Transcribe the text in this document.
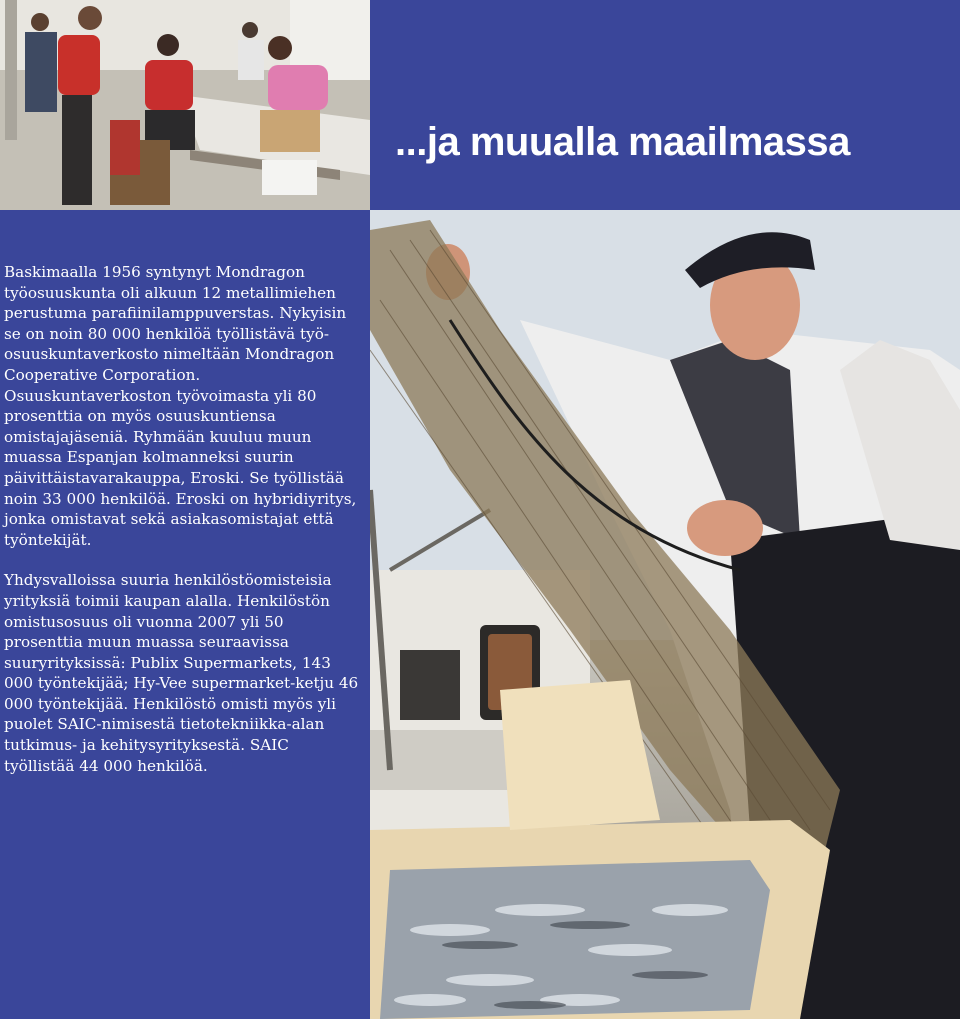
...ja muualla maailmassa

Baskimaalla 1956 syntynyt Mondragon työosuuskunta oli alkuun 12 metallimiehen perustuma parafiinilamppuverstas. Nykyisin se on noin 80 000 henkilöä työllistävä työ-osuuskuntaverkosto nimeltään Mondragon Cooperative Corporation. Osuuskuntaverkoston työvoimasta yli 80 prosenttia on myös osuuskuntiensa omistajajäseniä. Ryhmään kuuluu muun muassa Espanjan kolmanneksi suurin päivittäistavarakauppa, Eroski. Se työllistää noin 33 000 henkilöä. Eroski on hybridiyritys, jonka omistavat sekä asiakasomistajat että työntekijät.

Yhdysvalloissa suuria henkilöstöomisteisia yrityksiä toimii kaupan alalla. Henkilöstön omistusosuus oli vuonna 2007 yli 50 prosenttia muun muassa seuraavissa suuryrityksissä: Publix Supermarkets, 143 000 työntekijää; Hy-Vee supermarket-ketju 46 000 työntekijää. Henkilöstö omisti myös yli puolet SAIC-nimisestä tietotekniikka-alan tutkimus- ja kehitysyrityksestä. SAIC työllistää 44 000 henkilöä.
